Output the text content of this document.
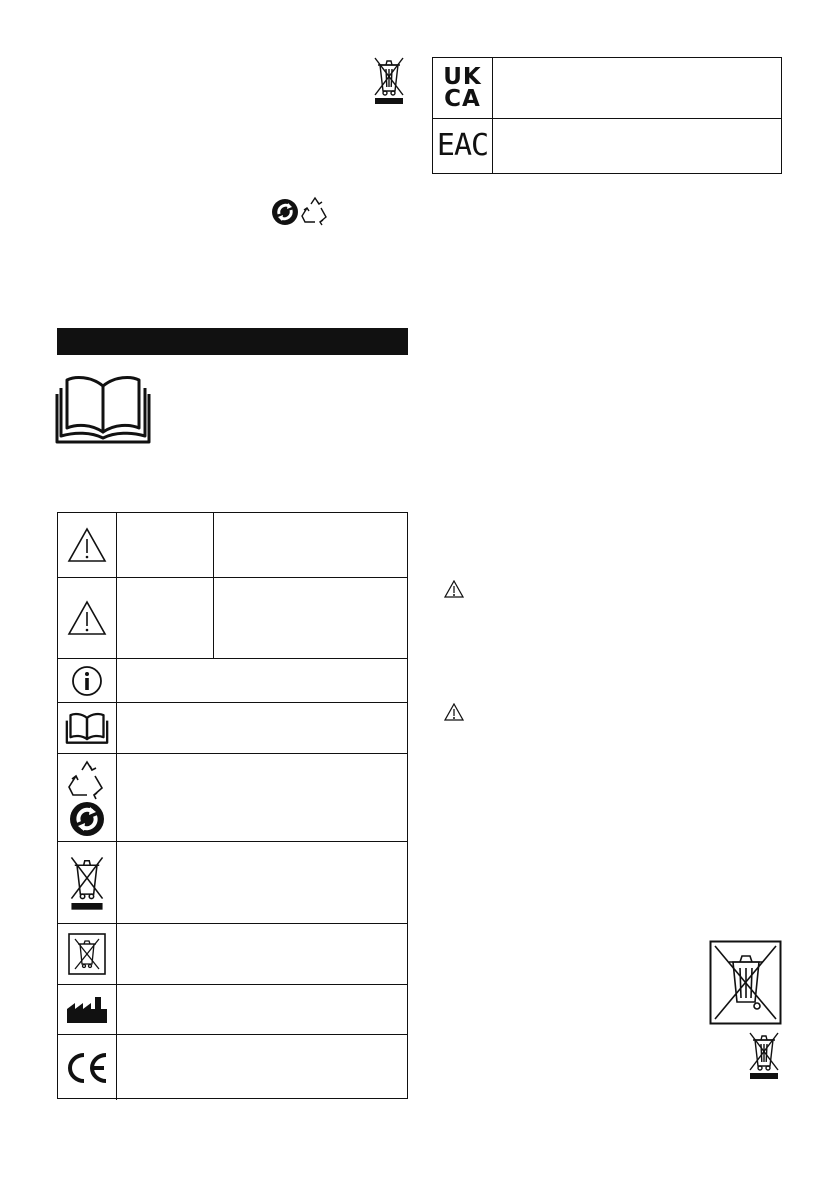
UK
CA
EAC
